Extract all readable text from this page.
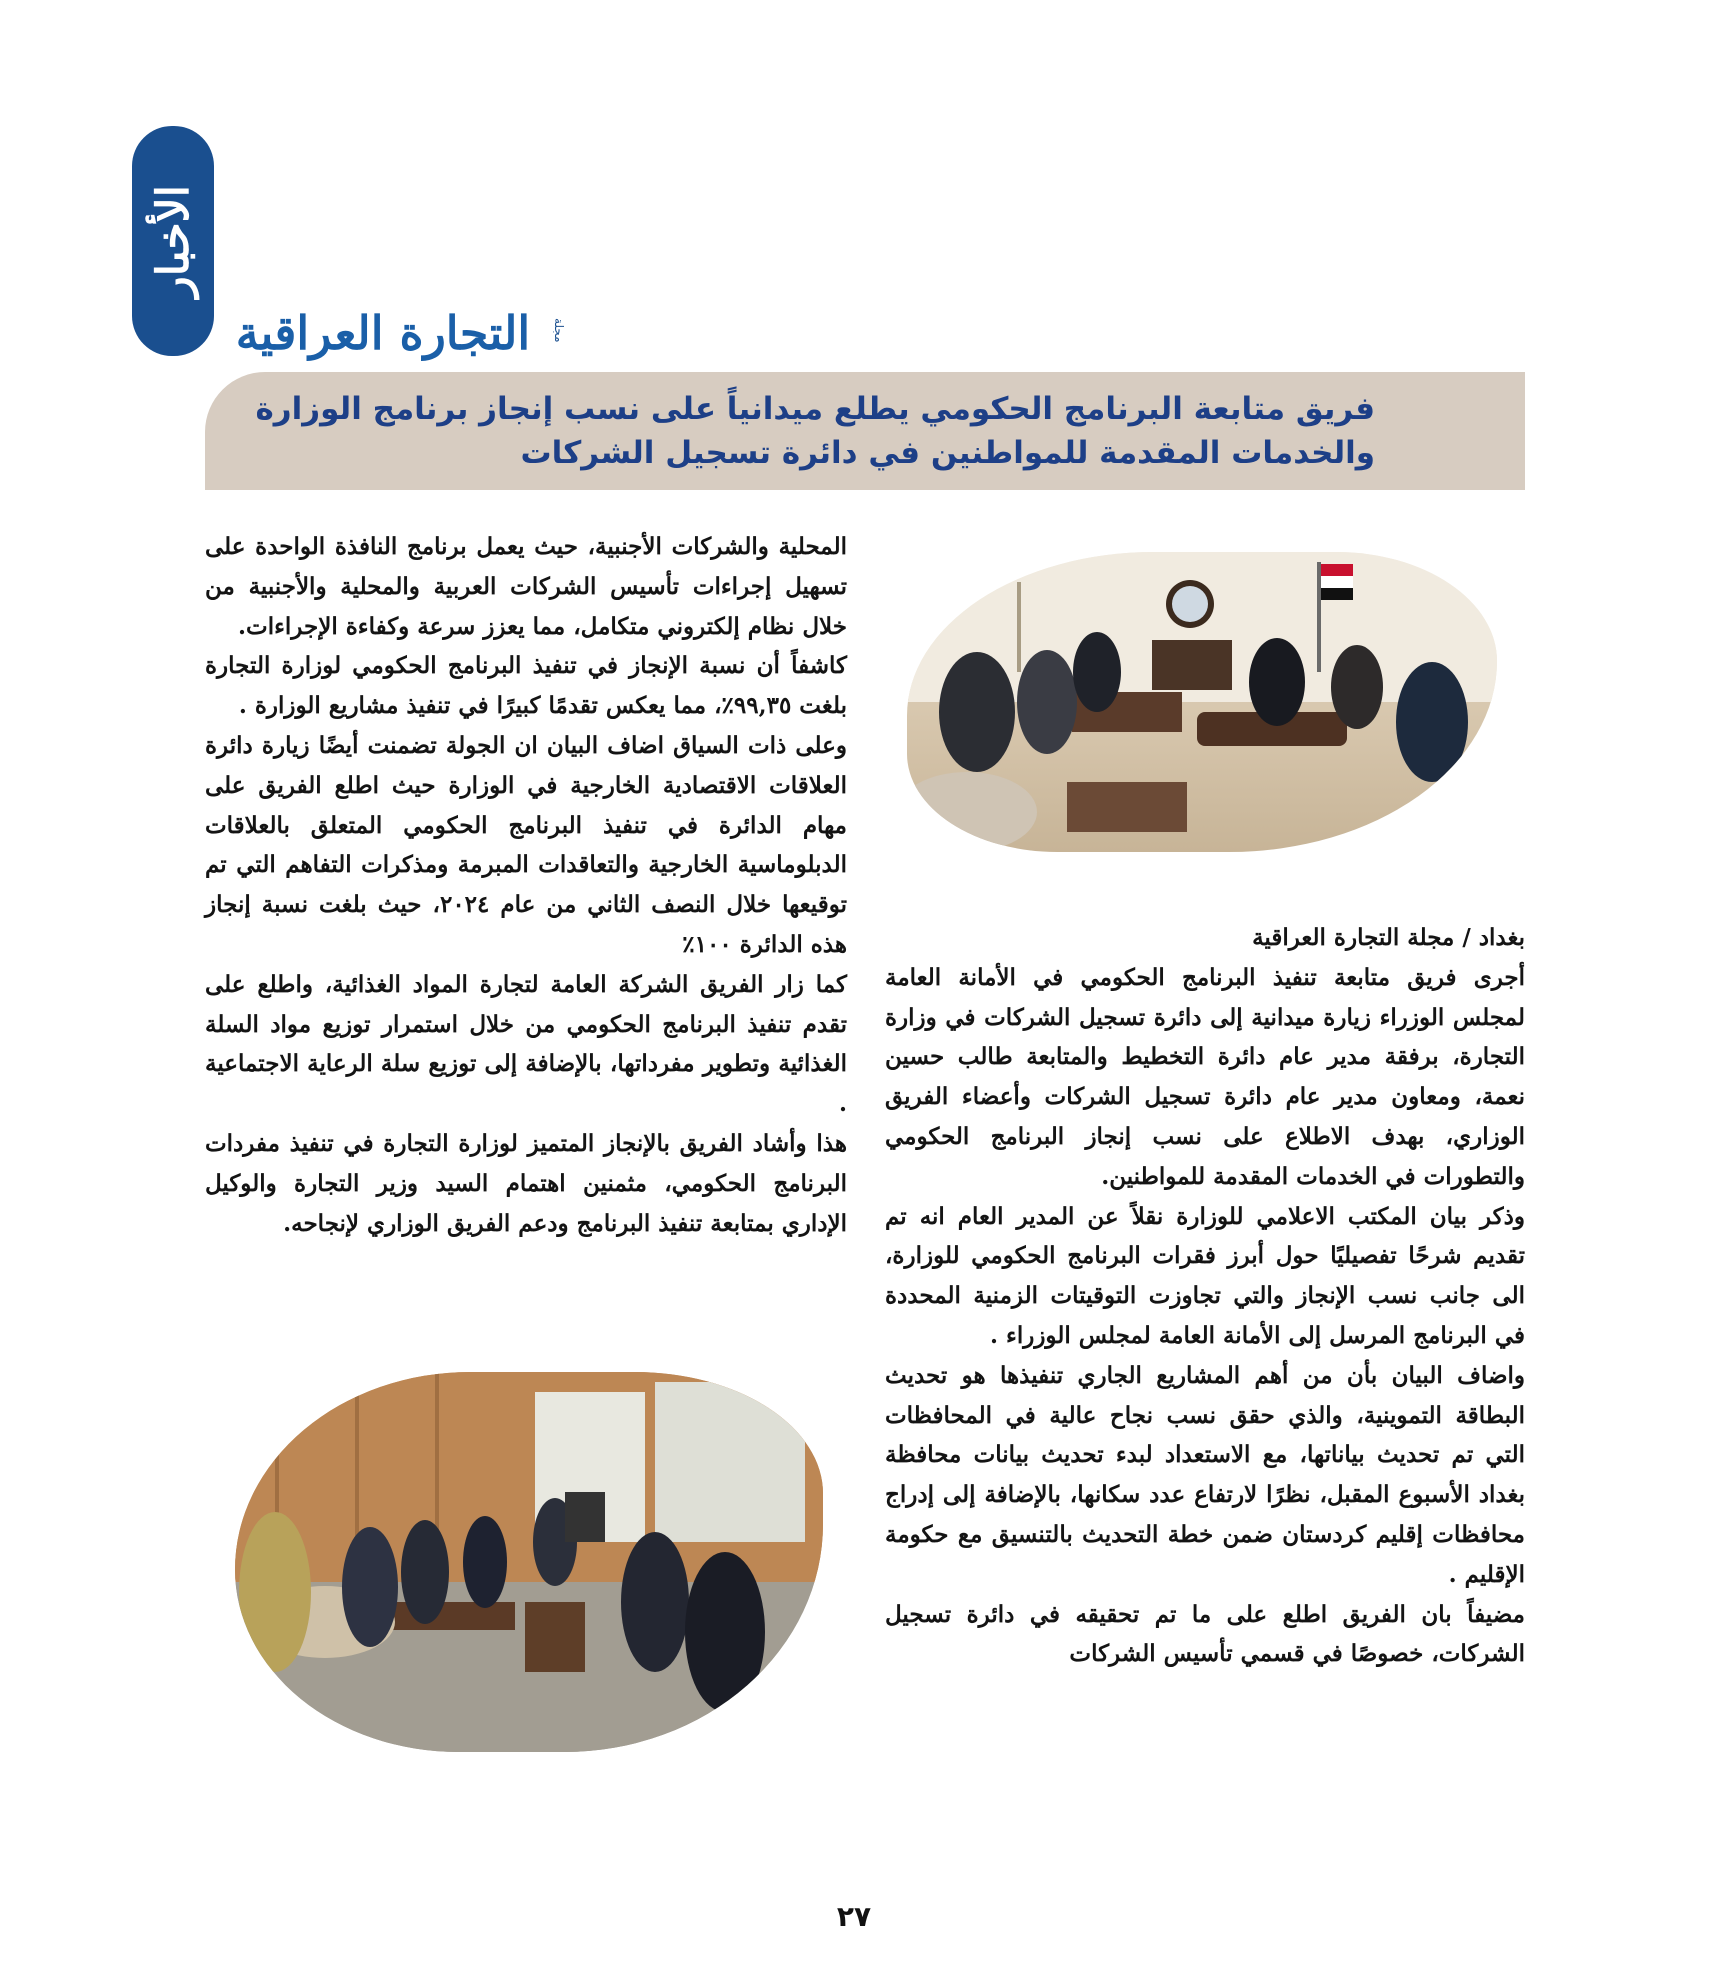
الأخبار
مجلة
التجارة العراقية
فريق متابعة البرنامج الحكومي يطلع ميدانياً على نسب إنجاز برنامج الوزارة
والخدمات المقدمة للمواطنين في دائرة تسجيل الشركات

المحلية والشركات الأجنبية، حيث يعمل برنامج النافذة الواحدة على تسهيل إجراءات تأسيس الشركات العربية والمحلية والأجنبية من خلال نظام إلكتروني متكامل، مما يعزز سرعة وكفاءة الإجراءات.

كاشفاً أن نسبة الإنجاز في تنفيذ البرنامج الحكومي لوزارة التجارة بلغت ٩٩,٣٥٪، مما يعكس تقدمًا كبيرًا في تنفيذ مشاريع الوزارة .

وعلى ذات السياق اضاف البيان ان الجولة تضمنت أيضًا زيارة دائرة العلاقات الاقتصادية الخارجية في الوزارة حيث اطلع الفريق على مهام الدائرة في تنفيذ البرنامج الحكومي المتعلق بالعلاقات الدبلوماسية الخارجية والتعاقدات المبرمة ومذكرات التفاهم التي تم توقيعها خلال النصف الثاني من عام ٢٠٢٤، حيث بلغت نسبة إنجاز هذه الدائرة ١٠٠٪

كما زار الفريق الشركة العامة لتجارة المواد الغذائية، واطلع على تقدم تنفيذ البرنامج الحكومي من خلال استمرار توزيع مواد السلة الغذائية وتطوير مفرداتها، بالإضافة إلى توزيع سلة الرعاية الاجتماعية .

هذا وأشاد الفريق بالإنجاز المتميز لوزارة التجارة في تنفيذ مفردات البرنامج الحكومي، مثمنين اهتمام السيد وزير التجارة والوكيل الإداري بمتابعة تنفيذ البرنامج ودعم الفريق الوزاري لإنجاحه.

بغداد / مجلة التجارة العراقية

أجرى فريق متابعة تنفيذ البرنامج الحكومي في الأمانة العامة لمجلس الوزراء زيارة ميدانية إلى دائرة تسجيل الشركات في وزارة التجارة، برفقة مدير عام دائرة التخطيط والمتابعة طالب حسين نعمة، ومعاون مدير عام دائرة تسجيل الشركات وأعضاء الفريق الوزاري، بهدف الاطلاع على نسب إنجاز البرنامج الحكومي والتطورات في الخدمات المقدمة للمواطنين.

وذكر بيان المكتب الاعلامي للوزارة نقلاً عن المدير العام انه تم تقديم شرحًا تفصيليًا حول أبرز فقرات البرنامج الحكومي للوزارة، الى جانب نسب الإنجاز والتي تجاوزت التوقيتات الزمنية المحددة في البرنامج المرسل إلى الأمانة العامة لمجلس الوزراء .

واضاف البيان بأن من أهم المشاريع الجاري تنفيذها هو تحديث البطاقة التموينية، والذي حقق نسب نجاح عالية في المحافظات التي تم تحديث بياناتها، مع الاستعداد لبدء تحديث بيانات محافظة بغداد الأسبوع المقبل، نظرًا لارتفاع عدد سكانها، بالإضافة إلى إدراج محافظات إقليم كردستان ضمن خطة التحديث بالتنسيق مع حكومة الإقليم .

مضيفاً بان الفريق اطلع على ما تم تحقيقه في دائرة تسجيل الشركات، خصوصًا في قسمي تأسيس الشركات

٢٧
